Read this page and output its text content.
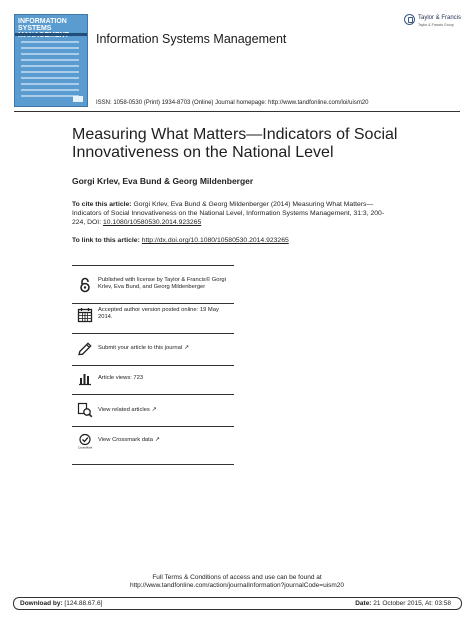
INFORMATION SYSTEMS
Information Systems Management
Taylor & Francis
Taylor & Francis Group
ISSN: 1058-0530 (Print) 1934-8703 (Online) Journal homepage: http://www.tandfonline.com/loi/uism20
Measuring What Matters—Indicators of Social Innovativeness on the National Level
Gorgi Krlev, Eva Bund & Georg Mildenberger
To cite this article: Gorgi Krlev, Eva Bund & Georg Mildenberger (2014) Measuring What Matters—Indicators of Social Innovativeness on the National Level, Information Systems Management, 31:3, 200-224, DOI: 10.1080/10580530.2014.923265
To link to this article: http://dx.doi.org/10.1080/10580530.2014.923265
Published with license by Taylor & Francis© Gorgi Krlev, Eva Bund, and Georg Mildenberger
Accepted author version posted online: 19 May 2014.
Submit your article to this journal ↗
Article views: 723
View related articles ↗
CrossMark
View Crossmark data ↗
Full Terms & Conditions of access and use can be found at
http://www.tandfonline.com/action/journalInformation?journalCode=uism20
Download by: [124.88.67.6]	Date: 21 October 2015, At: 03:58
